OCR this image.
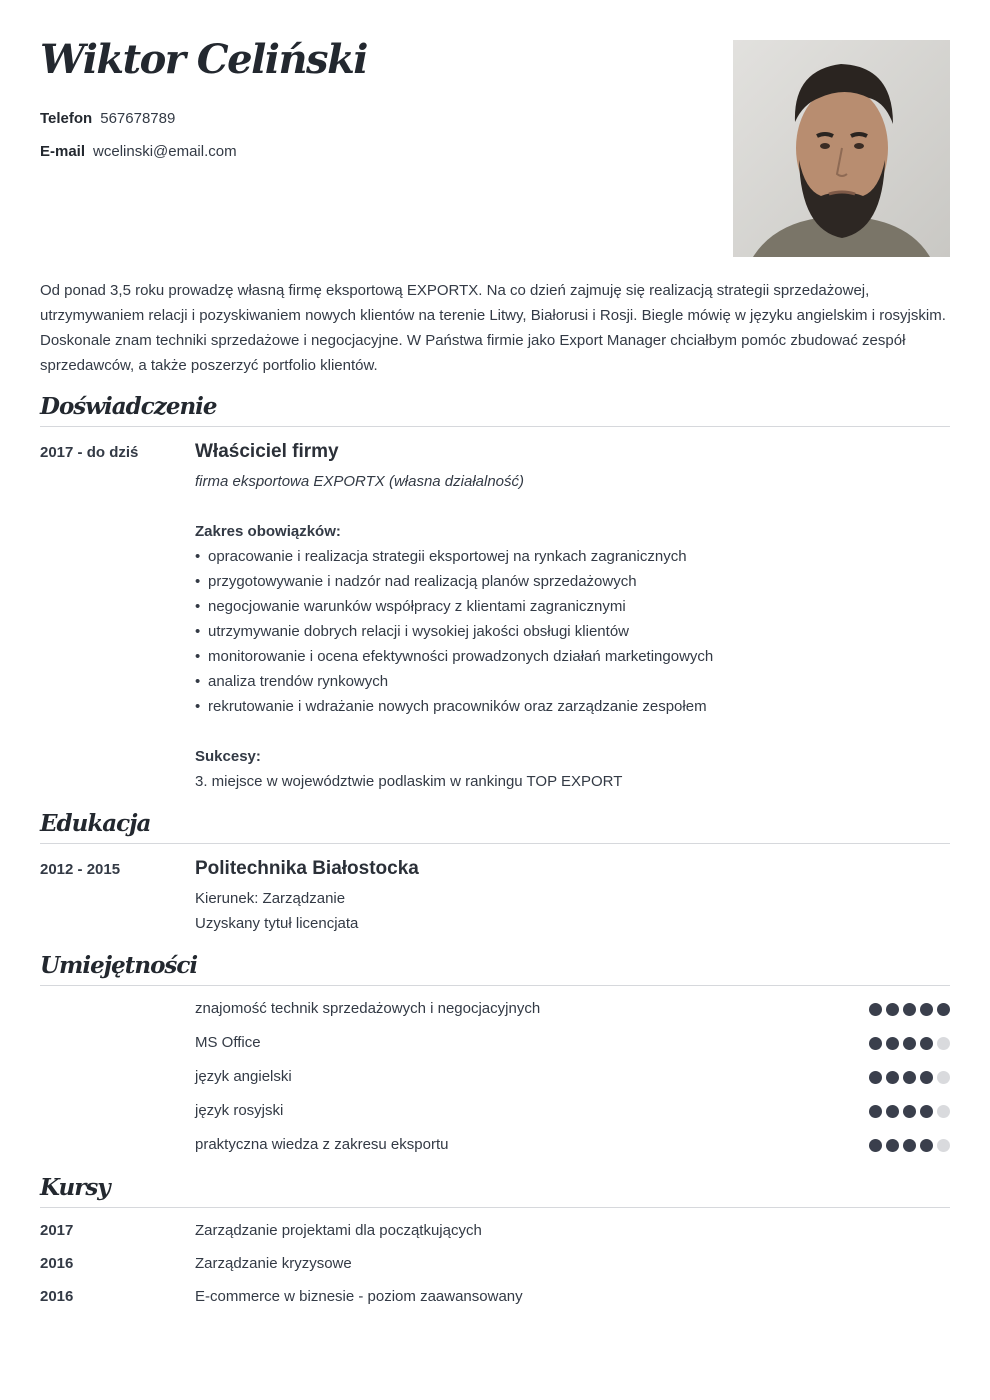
Wiktor Celiński
Telefon 567678789
E-mail wcelinski@email.com

Od ponad 3,5 roku prowadzę własną firmę eksportową EXPORTX. Na co dzień zajmuję się realizacją strategii sprzedażowej, utrzymywaniem relacji i pozyskiwaniem nowych klientów na terenie Litwy, Białorusi i Rosji. Biegle mówię w języku angielskim i rosyjskim. Doskonale znam techniki sprzedażowe i negocjacyjne. W Państwa firmie jako Export Manager chciałbym pomóc zbudować zespół sprzedawców, a także poszerzyć portfolio klientów.

Doświadczenie
2017 - do dziś	Właściciel firmy
firma eksportowa EXPORTX (własna działalność)
Zakres obowiązków:
• opracowanie i realizacja strategii eksportowej na rynkach zagranicznych
• przygotowywanie i nadzór nad realizacją planów sprzedażowych
• negocjowanie warunków współpracy z klientami zagranicznymi
• utrzymywanie dobrych relacji i wysokiej jakości obsługi klientów
• monitorowanie i ocena efektywności prowadzonych działań marketingowych
• analiza trendów rynkowych
• rekrutowanie i wdrażanie nowych pracowników oraz zarządzanie zespołem
Sukcesy:
3. miejsce w województwie podlaskim w rankingu TOP EXPORT
Edukacja
2012 - 2015	Politechnika Białostocka
Kierunek: Zarządzanie
Uzyskany tytuł licencjata
Umiejętności
znajomość technik sprzedażowych i negocjacyjnych
MS Office
język angielski
język rosyjski
praktyczna wiedza z zakresu eksportu
Kursy
2017	Zarządzanie projektami dla początkujących
2016	Zarządzanie kryzysowe
2016	E-commerce w biznesie - poziom zaawansowany
